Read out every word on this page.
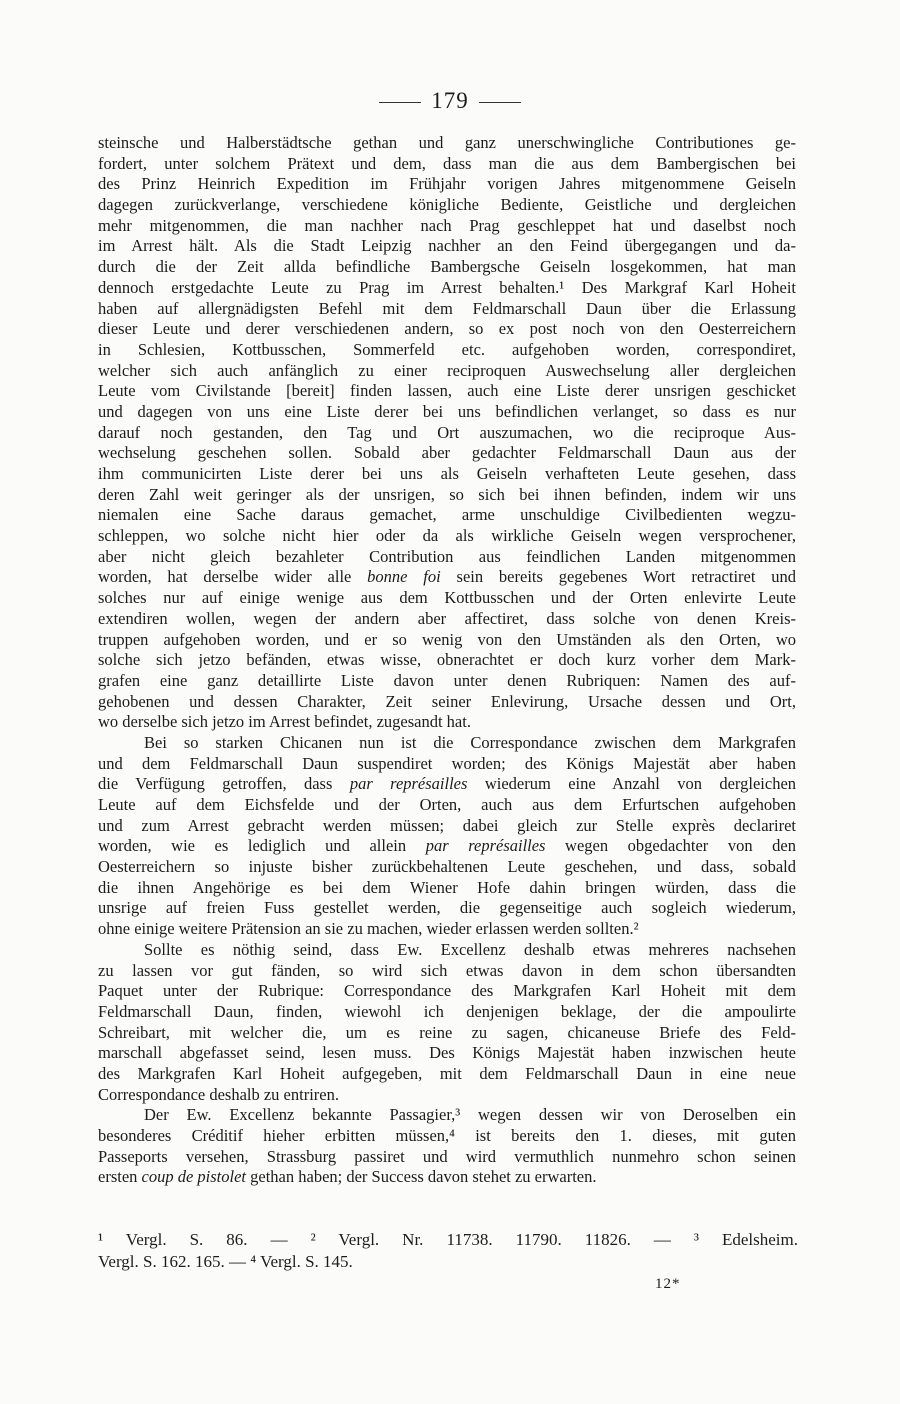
179
steinsche und Halberstädtsche gethan und ganz unerschwingliche Contributiones ge-
fordert, unter solchem Prätext und dem, dass man die aus dem Bambergischen bei
des Prinz Heinrich Expedition im Frühjahr vorigen Jahres mitgenommene Geiseln
dagegen zurückverlange, verschiedene königliche Bediente, Geistliche und dergleichen
mehr mitgenommen, die man nachher nach Prag geschleppet hat und daselbst noch
im Arrest hält. Als die Stadt Leipzig nachher an den Feind übergegangen und da-
durch die der Zeit allda befindliche Bambergsche Geiseln losgekommen, hat man
dennoch erstgedachte Leute zu Prag im Arrest behalten.¹ Des Markgraf Karl Hoheit
haben auf allergnädigsten Befehl mit dem Feldmarschall Daun über die Erlassung
dieser Leute und derer verschiedenen andern, so ex post noch von den Oesterreichern
in Schlesien, Kottbusschen, Sommerfeld etc. aufgehoben worden, correspondiret,
welcher sich auch anfänglich zu einer reciproquen Auswechselung aller dergleichen
Leute vom Civilstande [bereit] finden lassen, auch eine Liste derer unsrigen geschicket
und dagegen von uns eine Liste derer bei uns befindlichen verlanget, so dass es nur
darauf noch gestanden, den Tag und Ort auszumachen, wo die reciproque Aus-
wechselung geschehen sollen. Sobald aber gedachter Feldmarschall Daun aus der
ihm communicirten Liste derer bei uns als Geiseln verhafteten Leute gesehen, dass
deren Zahl weit geringer als der unsrigen, so sich bei ihnen befinden, indem wir uns
niemalen eine Sache daraus gemachet, arme unschuldige Civilbedienten wegzu-
schleppen, wo solche nicht hier oder da als wirkliche Geiseln wegen versprochener,
aber nicht gleich bezahleter Contribution aus feindlichen Landen mitgenommen
worden, hat derselbe wider alle bonne foi sein bereits gegebenes Wort retractiret und
solches nur auf einige wenige aus dem Kottbusschen und der Orten enlevirte Leute
extendiren wollen, wegen der andern aber affectiret, dass solche von denen Kreis-
truppen aufgehoben worden, und er so wenig von den Umständen als den Orten, wo
solche sich jetzo befänden, etwas wisse, obnerachtet er doch kurz vorher dem Mark-
grafen eine ganz detaillirte Liste davon unter denen Rubriquen: Namen des auf-
gehobenen und dessen Charakter, Zeit seiner Enlevirung, Ursache dessen und Ort,
wo derselbe sich jetzo im Arrest befindet, zugesandt hat.
Bei so starken Chicanen nun ist die Correspondance zwischen dem Markgrafen
und dem Feldmarschall Daun suspendiret worden; des Königs Majestät aber haben
die Verfügung getroffen, dass par représailles wiederum eine Anzahl von dergleichen
Leute auf dem Eichsfelde und der Orten, auch aus dem Erfurtschen aufgehoben
und zum Arrest gebracht werden müssen; dabei gleich zur Stelle exprès declariret
worden, wie es lediglich und allein par représailles wegen obgedachter von den
Oesterreichern so injuste bisher zurückbehaltenen Leute geschehen, und dass, sobald
die ihnen Angehörige es bei dem Wiener Hofe dahin bringen würden, dass die
unsrige auf freien Fuss gestellet werden, die gegenseitige auch sogleich wiederum,
ohne einige weitere Prätension an sie zu machen, wieder erlassen werden sollten.²
Sollte es nöthig seind, dass Ew. Excellenz deshalb etwas mehreres nachsehen
zu lassen vor gut fänden, so wird sich etwas davon in dem schon übersandten
Paquet unter der Rubrique: Correspondance des Markgrafen Karl Hoheit mit dem
Feldmarschall Daun, finden, wiewohl ich denjenigen beklage, der die ampoulirte
Schreibart, mit welcher die, um es reine zu sagen, chicaneuse Briefe des Feld-
marschall abgefasset seind, lesen muss. Des Königs Majestät haben inzwischen heute
des Markgrafen Karl Hoheit aufgegeben, mit dem Feldmarschall Daun in eine neue
Correspondance deshalb zu entriren.
Der Ew. Excellenz bekannte Passagier,³ wegen dessen wir von Deroselben ein
besonderes Créditif hieher erbitten müssen,⁴ ist bereits den 1. dieses, mit guten
Passeports versehen, Strassburg passiret und wird vermuthlich nunmehro schon seinen
ersten coup de pistolet gethan haben; der Success davon stehet zu erwarten.
¹ Vergl. S. 86. — ² Vergl. Nr. 11738. 11790. 11826. — ³ Edelsheim.
Vergl. S. 162. 165. — ⁴ Vergl. S. 145.
12*
